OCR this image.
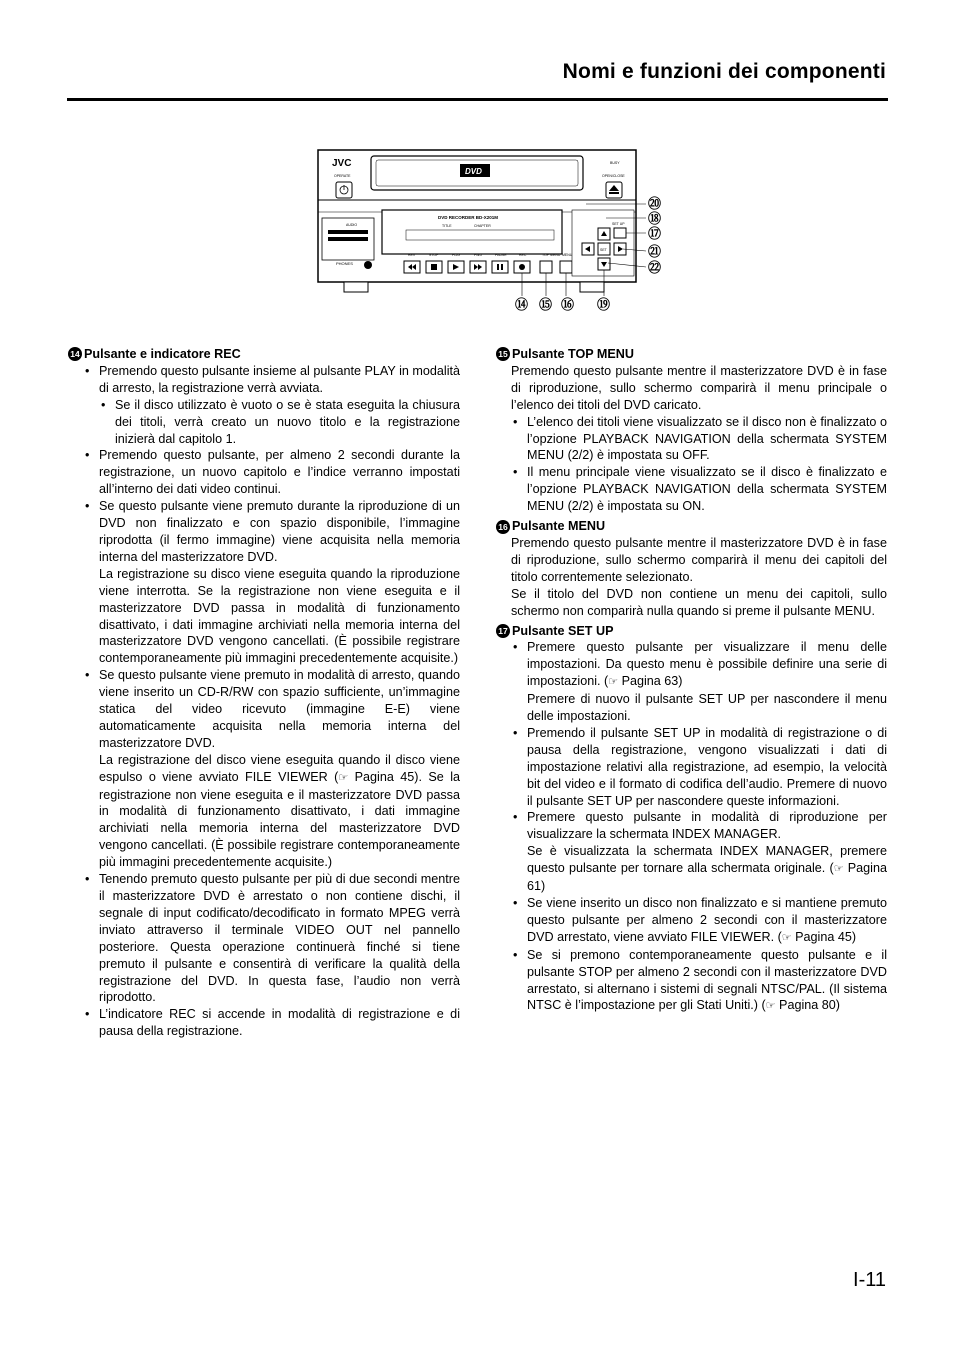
Nomi e funzioni dei componenti
JVC
OPERATE	DVD
BUSY
OPEN/CLOSE
AUDIO
PHONES
DVD RECORDER BD-X201M
TITLE	CHAPTER
REV	STOP	PLAY	FWD	PAUSE	REC	TOP MENU MENU
SET UP
SET
⑳
⑱
⑰
㉑
㉒
⑭ ⑮ ⑯ ⑲
14 Pulsante e indicatore REC
• Premendo questo pulsante insieme al pulsante PLAY in modalità di arresto, la registrazione verrà avviata.
• Se il disco utilizzato è vuoto o se è stata eseguita la chiusura dei titoli, verrà creato un nuovo titolo e la registrazione inizierà dal capitolo 1.
• Premendo questo pulsante, per almeno 2 secondi durante la registrazione, un nuovo capitolo e l’indice verranno impostati all’interno dei dati video continui.

• Se questo pulsante viene premuto durante la riproduzione di un DVD non finalizzato e con spazio disponibile, l’immagine riprodotta (il fermo immagine) viene acquisita nella memoria interna del masterizzatore DVD.

La registrazione su disco viene eseguita quando la riproduzione viene interrotta. Se la registrazione non viene eseguita e il masterizzatore DVD passa in modalità di funzionamento disattivato, i dati immagine archiviati nella memoria interna del masterizzatore DVD vengono cancellati. (È possibile registrare contemporaneamente più immagini precedentemente acquisite.)

• Se questo pulsante viene premuto in modalità di arresto, quando viene inserito un CD-R/RW con spazio sufficiente, un’immagine statica del video ricevuto (immagine E-E) viene automaticamente acquisita nella memoria interna del masterizzatore DVD.

La registrazione del disco viene eseguita quando il disco viene espulso o viene avviato FILE VIEWER (☞ Pagina 45). Se la registrazione non viene eseguita e il masterizzatore DVD passa in modalità di funzionamento disattivato, i dati immagine archiviati nella memoria interna del masterizzatore DVD vengono cancellati. (È possibile registrare contemporaneamente più immagini precedentemente acquisite.)

• Tenendo premuto questo pulsante per più di due secondi mentre il masterizzatore DVD è arrestato o non contiene dischi, il segnale di input codificato/decodificato in formato MPEG verrà inviato attraverso il terminale VIDEO OUT nel pannello posteriore. Questa operazione continuerà finché si tiene premuto il pulsante e consentirà di verificare la qualità della registrazione del DVD. In questa fase, l’audio non verrà riprodotto.
• L’indicatore REC si accende in modalità di registrazione e di pausa della registrazione.
15 Pulsante TOP MENU

Premendo questo pulsante mentre il masterizzatore DVD è in fase di riproduzione, sullo schermo comparirà il menu principale o l’elenco dei titoli del DVD caricato.

• L’elenco dei titoli viene visualizzato se il disco non è finalizzato o l’opzione PLAYBACK NAVIGATION della schermata SYSTEM MENU (2/2) è impostata su OFF.
• Il menu principale viene visualizzato se il disco è finalizzato e l’opzione PLAYBACK NAVIGATION della schermata SYSTEM MENU (2/2) è impostata su ON.
16 Pulsante MENU

Premendo questo pulsante mentre il masterizzatore DVD è in fase di riproduzione, sullo schermo comparirà il menu dei capitoli del titolo correntemente selezionato.

Se il titolo del DVD non contiene un menu dei capitoli, sullo schermo non comparirà nulla quando si preme il pulsante MENU.

17 Pulsante SET UP

• Premere questo pulsante per visualizzare il menu delle impostazioni. Da questo menu è possibile definire una serie di impostazioni. (☞ Pagina 63)

Premere di nuovo il pulsante SET UP per nascondere il menu delle impostazioni.

• Premendo il pulsante SET UP in modalità di registrazione o di pausa della registrazione, vengono visualizzati i dati di impostazione relativi alla registrazione, ad esempio, la velocità bit del video e il formato di codifica dell’audio. Premere di nuovo il pulsante SET UP per nascondere queste informazioni.

• Premere questo pulsante in modalità di riproduzione per visualizzare la schermata INDEX MANAGER.

Se è visualizzata la schermata INDEX MANAGER, premere questo pulsante per tornare alla schermata originale. (☞ Pagina 61)

• Se viene inserito un disco non finalizzato e si mantiene premuto questo pulsante per almeno 2 secondi con il masterizzatore DVD arrestato, viene avviato FILE VIEWER. (☞ Pagina 45)

• Se si premono contemporaneamente questo pulsante e il pulsante STOP per almeno 2 secondi con il masterizzatore DVD arrestato, si alternano i sistemi di segnali NTSC/PAL. (Il sistema NTSC è l’impostazione per gli Stati Uniti.) (☞ Pagina 80)

I-11
